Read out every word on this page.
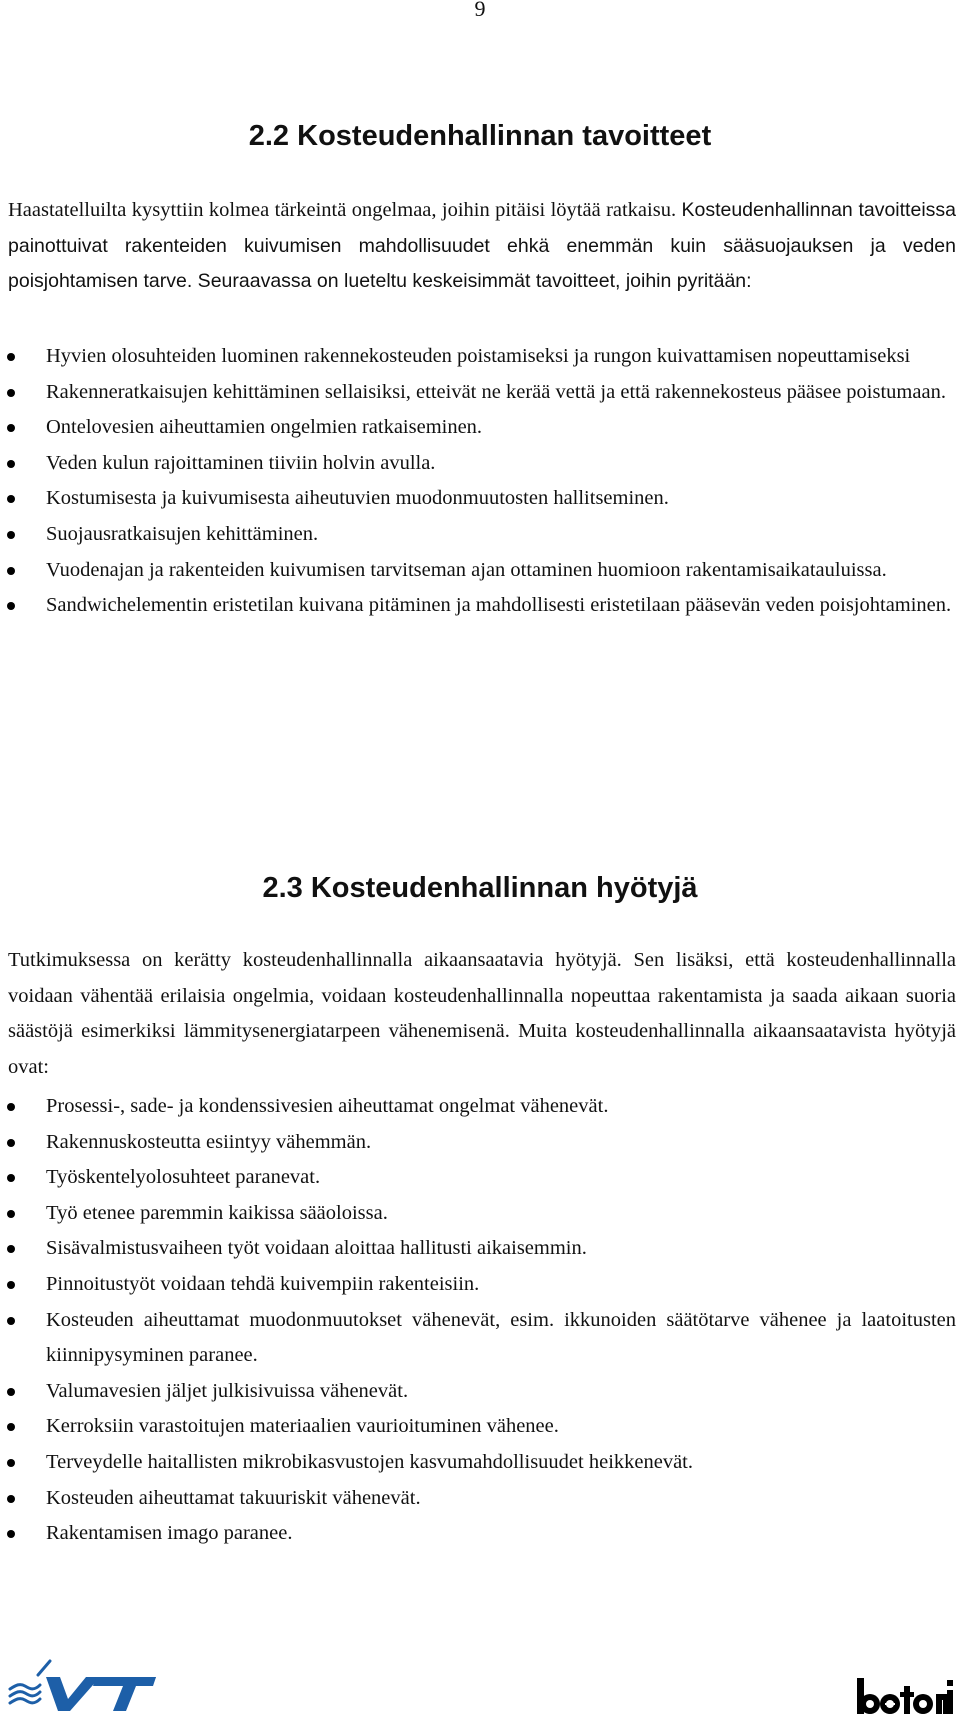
9
2.2 Kosteudenhallinnan tavoitteet

Haastatelluilta kysyttiin kolmea tärkeintä ongelmaa, joihin pitäisi löytää ratkaisu. Kosteudenhallinnan tavoitteissa painottuivat rakenteiden kuivumisen mahdollisuudet ehkä enemmän kuin sääsuojauksen ja veden poisjohtamisen tarve. Seuraavassa on lueteltu keskeisimmät tavoitteet, joihin pyritään:

Hyvien olosuhteiden luominen rakennekosteuden poistamiseksi ja rungon kuivattamisen nopeuttamiseksi
Rakenneratkaisujen kehittäminen sellaisiksi, etteivät ne kerää vettä ja että rakennekosteus pääsee poistumaan.
Ontelovesien aiheuttamien ongelmien ratkaiseminen.
Veden kulun rajoittaminen tiiviin holvin avulla.
Kostumisesta ja kuivumisesta aiheutuvien muodonmuutosten hallitseminen.
Suojausratkaisujen kehittäminen.
Vuodenajan ja rakenteiden kuivumisen tarvitseman ajan ottaminen huomioon rakentamisaikatauluissa.
Sandwichelementin eristetilan kuivana pitäminen ja mahdollisesti eristetilaan pääsevän veden poisjohtaminen.
2.3 Kosteudenhallinnan hyötyjä

Tutkimuksessa on kerätty kosteudenhallinnalla aikaansaatavia hyötyjä. Sen lisäksi, että kosteudenhallinnalla voidaan vähentää erilaisia ongelmia, voidaan kosteudenhallinnalla nopeuttaa rakentamista ja saada aikaan suoria säästöjä esimerkiksi lämmitysenergiatarpeen vähenemisenä. Muita kosteudenhallinnalla aikaansaatavista hyötyjä ovat:

Prosessi-, sade- ja kondenssivesien aiheuttamat ongelmat vähenevät.
Rakennuskosteutta esiintyy vähemmän.
Työskentelyolosuhteet paranevat.
Työ etenee paremmin kaikissa sääoloissa.
Sisävalmistusvaiheen työt voidaan aloittaa hallitusti aikaisemmin.
Pinnoitustyöt voidaan tehdä kuivempiin rakenteisiin.
Kosteuden aiheuttamat muodonmuutokset vähenevät, esim. ikkunoiden säätötarve vähenee ja laatoitusten kiinnipysyminen paranee.
Valumavesien jäljet julkisivuissa vähenevät.
Kerroksiin varastoitujen materiaalien vaurioituminen vähenee.
Terveydelle haitallisten mikrobikasvustojen kasvumahdollisuudet heikkenevät.
Kosteuden aiheuttamat takuuriskit vähenevät.
Rakentamisen imago paranee.
